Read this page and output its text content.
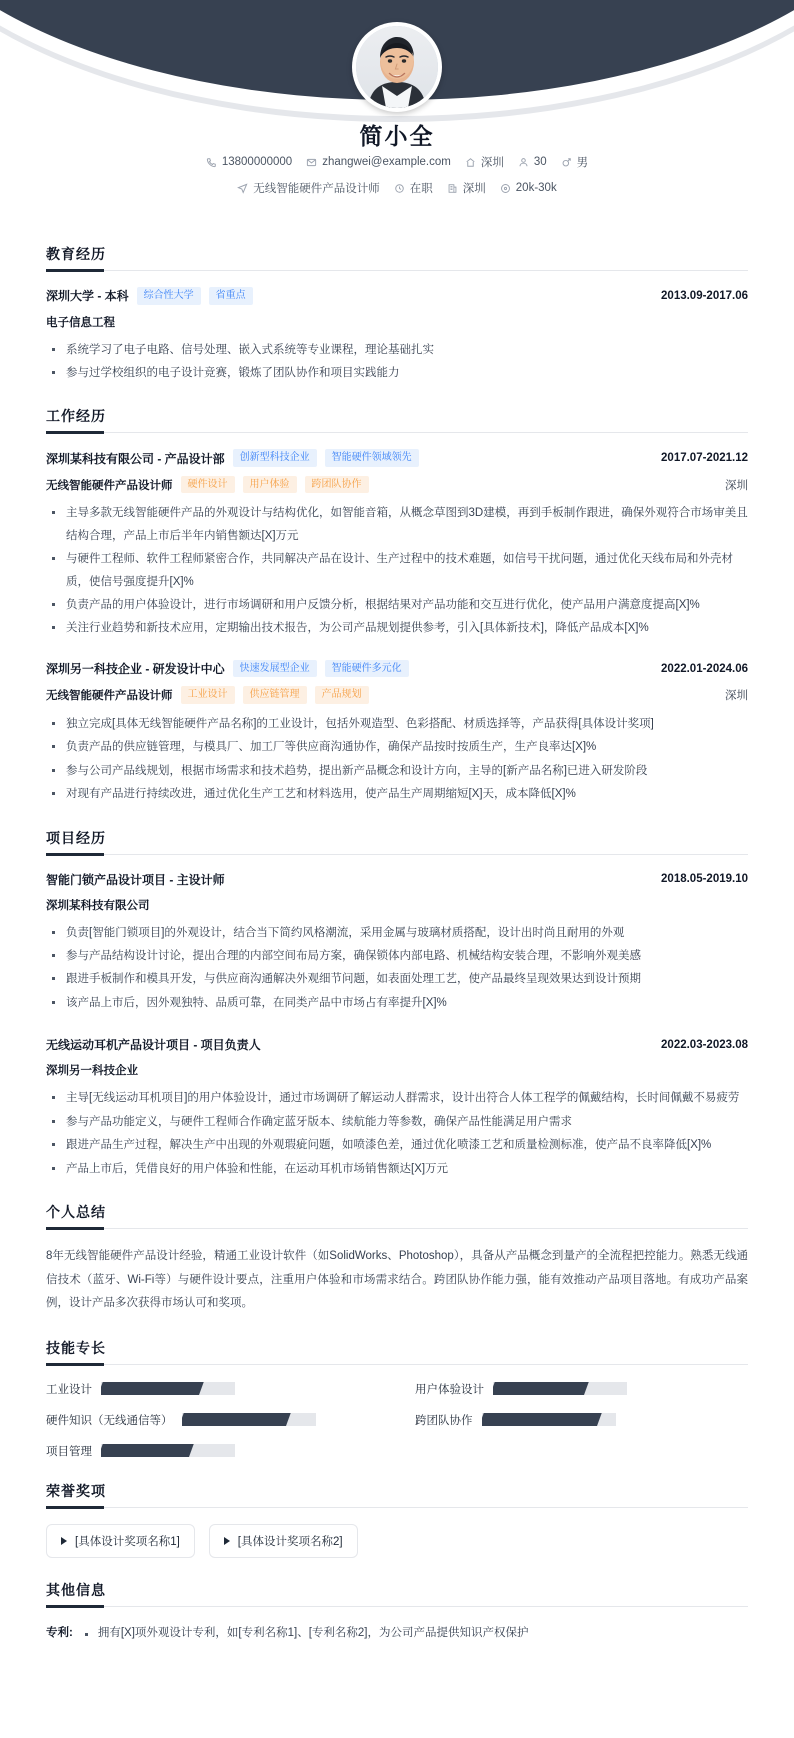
简小全
13800000000	zhangwei@example.com	深圳	30	男
无线智能硬件产品设计师	在职	深圳	20k-30k
教育经历
深圳大学 - 本科	综合性大学	省重点	2013.09-2017.06
电子信息工程
系统学习了电子电路、信号处理、嵌入式系统等专业课程，理论基础扎实
参与过学校组织的电子设计竞赛，锻炼了团队协作和项目实践能力
工作经历
深圳某科技有限公司 - 产品设计部	创新型科技企业	智能硬件领域领先	2017.07-2021.12
无线智能硬件产品设计师	硬件设计	用户体验	跨团队协作	深圳
主导多款无线智能硬件产品的外观设计与结构优化，如智能音箱，从概念草图到3D建模，再到手板制作跟进，确保外观符合市场审美且结构合理，产品上市后半年内销售额达[X]万元
与硬件工程师、软件工程师紧密合作，共同解决产品在设计、生产过程中的技术难题，如信号干扰问题，通过优化天线布局和外壳材质，使信号强度提升[X]%
负责产品的用户体验设计，进行市场调研和用户反馈分析，根据结果对产品功能和交互进行优化，使产品用户满意度提高[X]%
关注行业趋势和新技术应用，定期输出技术报告，为公司产品规划提供参考，引入[具体新技术]，降低产品成本[X]%
深圳另一科技企业 - 研发设计中心	快速发展型企业	智能硬件多元化	2022.01-2024.06
无线智能硬件产品设计师	工业设计	供应链管理	产品规划	深圳
独立完成[具体无线智能硬件产品名称]的工业设计，包括外观造型、色彩搭配、材质选择等，产品获得[具体设计奖项]
负责产品的供应链管理，与模具厂、加工厂等供应商沟通协作，确保产品按时按质生产，生产良率达[X]%
参与公司产品线规划，根据市场需求和技术趋势，提出新产品概念和设计方向，主导的[新产品名称]已进入研发阶段
对现有产品进行持续改进，通过优化生产工艺和材料选用，使产品生产周期缩短[X]天，成本降低[X]%
项目经历
智能门锁产品设计项目 - 主设计师	2018.05-2019.10
深圳某科技有限公司
负责[智能门锁项目]的外观设计，结合当下简约风格潮流，采用金属与玻璃材质搭配，设计出时尚且耐用的外观
参与产品结构设计讨论，提出合理的内部空间布局方案，确保锁体内部电路、机械结构安装合理，不影响外观美感
跟进手板制作和模具开发，与供应商沟通解决外观细节问题，如表面处理工艺，使产品最终呈现效果达到设计预期
该产品上市后，因外观独特、品质可靠，在同类产品中市场占有率提升[X]%
无线运动耳机产品设计项目 - 项目负责人	2022.03-2023.08
深圳另一科技企业
主导[无线运动耳机项目]的用户体验设计，通过市场调研了解运动人群需求，设计出符合人体工程学的佩戴结构，长时间佩戴不易疲劳
参与产品功能定义，与硬件工程师合作确定蓝牙版本、续航能力等参数，确保产品性能满足用户需求
跟进产品生产过程，解决生产中出现的外观瑕疵问题，如喷漆色差，通过优化喷漆工艺和质量检测标准，使产品不良率降低[X]%
产品上市后，凭借良好的用户体验和性能，在运动耳机市场销售额达[X]万元
个人总结
8年无线智能硬件产品设计经验，精通工业设计软件（如SolidWorks、Photoshop），具备从产品概念到量产的全流程把控能力。熟悉无线通信技术（蓝牙、Wi-Fi等）与硬件设计要点，注重用户体验和市场需求结合。跨团队协作能力强，能有效推动产品项目落地。有成功产品案例，设计产品多次获得市场认可和奖项。
技能专长
工业设计	用户体验设计
硬件知识（无线通信等）	跨团队协作
项目管理
荣誉奖项
[具体设计奖项名称1]	[具体设计奖项名称2]
其他信息
专利: 拥有[X]项外观设计专利，如[专利名称1]、[专利名称2]，为公司产品提供知识产权保护
